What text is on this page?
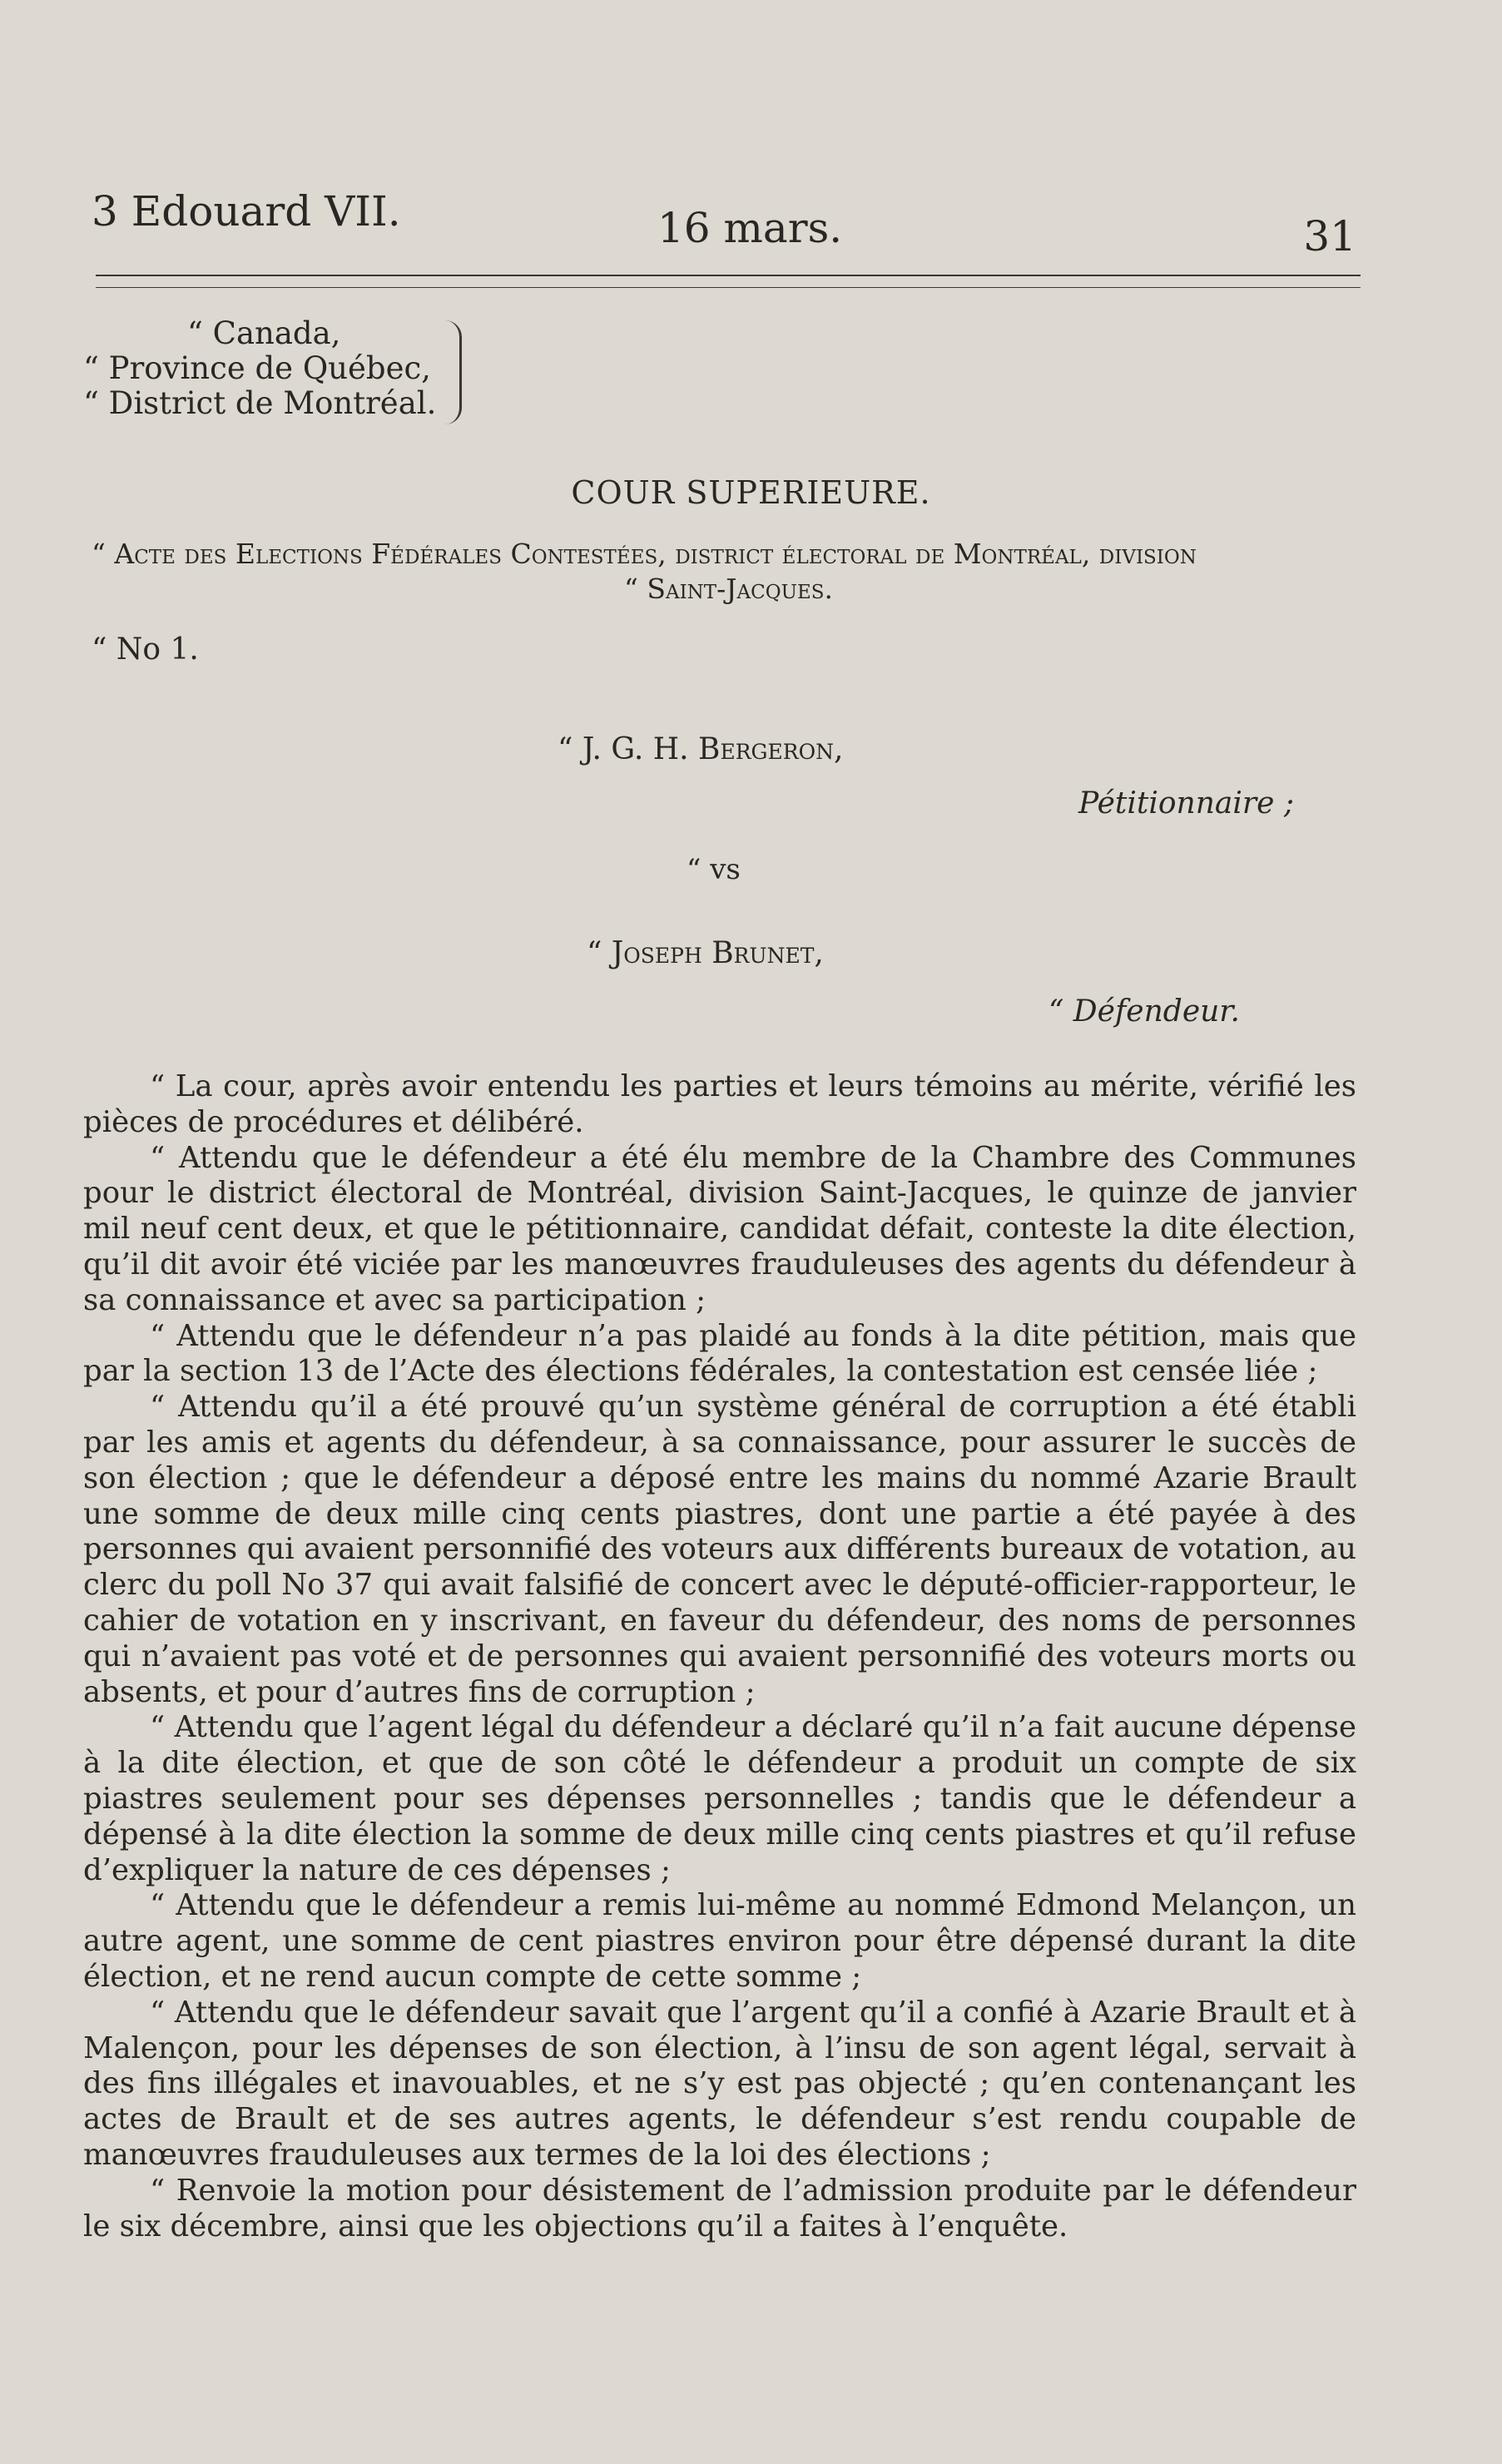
3 Edouard VII.	16 mars.	31
“ Canada,
“ Province de Québec,
“ District de Montréal.
COUR SUPERIEURE.
“ Acte des Elections Fédérales Contestées, district électoral de Montréal, division
“ Saint-Jacques.
“ No 1.
“ J. G. H. Bergeron,
Pétitionnaire ;
“ vs
“ Joseph Brunet,
“ Défendeur.

“ La cour, après avoir entendu les parties et leurs témoins au mérite, vérifié les pièces de procédures et délibéré.

“ Attendu que le défendeur a été élu membre de la Chambre des Communes pour le district électoral de Montréal, division Saint-Jacques, le quinze de janvier mil neuf cent deux, et que le pétitionnaire, candidat défait, conteste la dite élection, qu’il dit avoir été viciée par les manœuvres frauduleuses des agents du défendeur à sa connaissance et avec sa participation ;

“ Attendu que le défendeur n’a pas plaidé au fonds à la dite pétition, mais que par la section 13 de l’Acte des élections fédérales, la contestation est censée liée ;

“ Attendu qu’il a été prouvé qu’un système général de corruption a été établi par les amis et agents du défendeur, à sa connaissance, pour assurer le succès de son élection ; que le défendeur a déposé entre les mains du nommé Azarie Brault une somme de deux mille cinq cents piastres, dont une partie a été payée à des personnes qui avaient personnifié des voteurs aux différents bureaux de votation, au clerc du poll No 37 qui avait falsifié de concert avec le député-officier-rapporteur, le cahier de votation en y inscrivant, en faveur du défendeur, des noms de personnes qui n’avaient pas voté et de personnes qui avaient personnifié des voteurs morts ou absents, et pour d’autres fins de corruption ;

“ Attendu que l’agent légal du défendeur a déclaré qu’il n’a fait aucune dépense à la dite élection, et que de son côté le défendeur a produit un compte de six piastres seulement pour ses dépenses personnelles ; tandis que le défendeur a dépensé à la dite élection la somme de deux mille cinq cents piastres et qu’il refuse d’expliquer la nature de ces dépenses ;

“ Attendu que le défendeur a remis lui-même au nommé Edmond Melançon, un autre agent, une somme de cent piastres environ pour être dépensé durant la dite élection, et ne rend aucun compte de cette somme ;

“ Attendu que le défendeur savait que l’argent qu’il a confié à Azarie Brault et à Malençon, pour les dépenses de son élection, à l’insu de son agent légal, servait à des fins illégales et inavouables, et ne s’y est pas objecté ; qu’en contenançant les actes de Brault et de ses autres agents, le défendeur s’est rendu coupable de manœuvres frauduleuses aux termes de la loi des élections ;

“ Renvoie la motion pour désistement de l’admission produite par le défendeur le six décembre, ainsi que les objections qu’il a faites à l’enquête.
